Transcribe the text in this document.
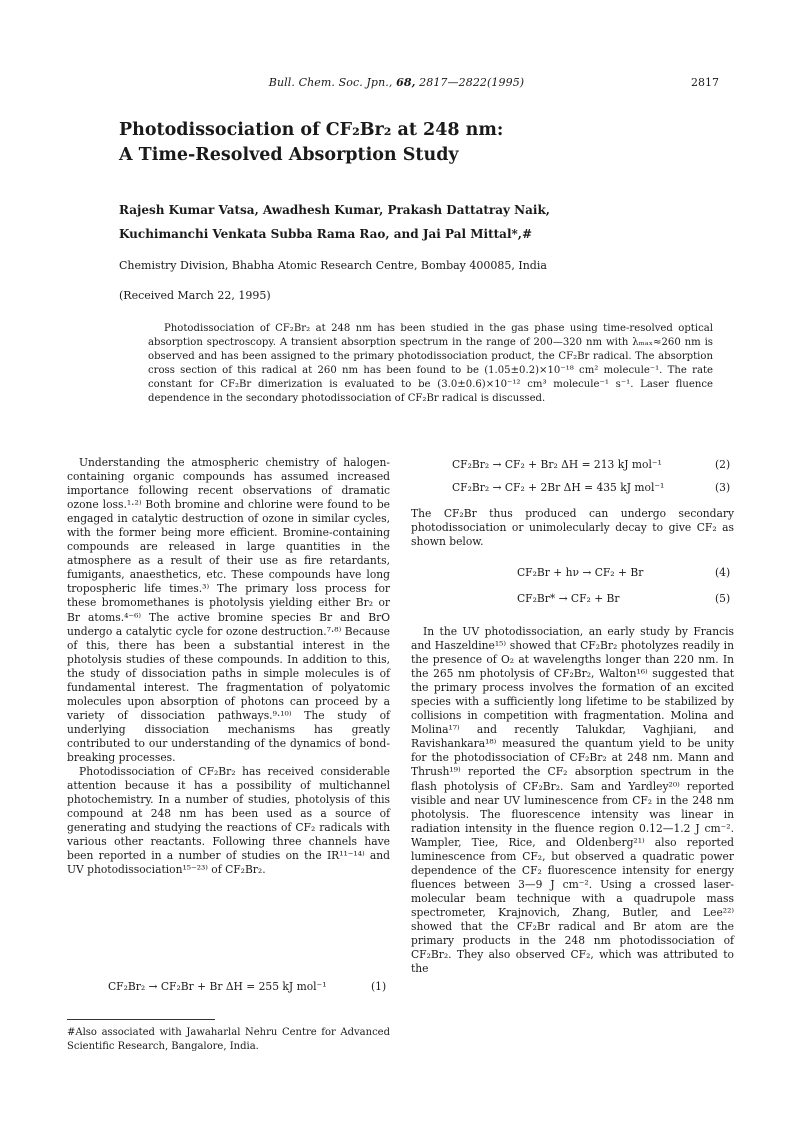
Bull. Chem. Soc. Jpn., 68, 2817—2822(1995)	2817
Photodissociation of CF₂Br₂ at 248 nm:
A Time-Resolved Absorption Study
Rajesh Kumar Vatsa, Awadhesh Kumar, Prakash Dattatray Naik,
Kuchimanchi Venkata Subba Rama Rao, and Jai Pal Mittal*,#
Chemistry Division, Bhabha Atomic Research Centre, Bombay 400085, India
(Received March 22, 1995)
Photodissociation of CF₂Br₂ at 248 nm has been studied in the gas phase using time-resolved optical absorption spectroscopy. A transient absorption spectrum in the range of 200—320 nm with λₘₐₓ≈260 nm is observed and has been assigned to the primary photodissociation product, the CF₂Br radical. The absorption cross section of this radical at 260 nm has been found to be (1.05±0.2)×10⁻¹⁸ cm² molecule⁻¹. The rate constant for CF₂Br dimerization is evaluated to be (3.0±0.6)×10⁻¹² cm³ molecule⁻¹ s⁻¹. Laser fluence dependence in the secondary photodissociation of CF₂Br radical is discussed.

Understanding the atmospheric chemistry of halogen-containing organic compounds has assumed increased importance following recent observations of dramatic ozone loss.¹·²⁾ Both bromine and chlorine were found to be engaged in catalytic destruction of ozone in similar cycles, with the former being more efficient. Bromine-containing compounds are released in large quantities in the atmosphere as a result of their use as fire retardants, fumigants, anaesthetics, etc. These compounds have long tropospheric life times.³⁾ The primary loss process for these bromomethanes is photolysis yielding either Br₂ or Br atoms.⁴⁻⁶⁾ The active bromine species Br and BrO undergo a catalytic cycle for ozone destruction.⁷·⁸⁾ Because of this, there has been a substantial interest in the photolysis studies of these compounds. In addition to this, the study of dissociation paths in simple molecules is of fundamental interest. The fragmentation of polyatomic molecules upon absorption of photons can proceed by a variety of dissociation pathways.⁹·¹⁰⁾ The study of underlying dissociation mechanisms has greatly contributed to our understanding of the dynamics of bond-breaking processes.

Photodissociation of CF₂Br₂ has received considerable attention because it has a possibility of multichannel photochemistry. In a number of studies, photolysis of this compound at 248 nm has been used as a source of generating and studying the reactions of CF₂ radicals with various other reactants. Following three channels have been reported in a number of studies on the IR¹¹⁻¹⁴⁾ and UV photodissociation¹⁵⁻²³⁾ of CF₂Br₂.

CF₂Br₂ → CF₂Br + Br ΔH = 255 kJ mol⁻¹	(1)
#Also associated with Jawaharlal Nehru Centre for Advanced Scientific Research, Bangalore, India.
CF₂Br₂ → CF₂ + Br₂ ΔH = 213 kJ mol⁻¹	(2)
CF₂Br₂ → CF₂ + 2Br ΔH = 435 kJ mol⁻¹	(3)

The CF₂Br thus produced can undergo secondary photodissociation or unimolecularly decay to give CF₂ as shown below.

CF₂Br + hν → CF₂ + Br	(4)
CF₂Br* → CF₂ + Br	(5)

In the UV photodissociation, an early study by Francis and Haszeldine¹⁵⁾ showed that CF₂Br₂ photolyzes readily in the presence of O₂ at wavelengths longer than 220 nm. In the 265 nm photolysis of CF₂Br₂, Walton¹⁶⁾ suggested that the primary process involves the formation of an excited species with a sufficiently long lifetime to be stabilized by collisions in competition with fragmentation. Molina and Molina¹⁷⁾ and recently Talukdar, Vaghjiani, and Ravishankara¹⁸⁾ measured the quantum yield to be unity for the photodissociation of CF₂Br₂ at 248 nm. Mann and Thrush¹⁹⁾ reported the CF₂ absorption spectrum in the flash photolysis of CF₂Br₂. Sam and Yardley²⁰⁾ reported visible and near UV luminescence from CF₂ in the 248 nm photolysis. The fluorescence intensity was linear in radiation intensity in the fluence region 0.12—1.2 J cm⁻². Wampler, Tiee, Rice, and Oldenberg²¹⁾ also reported luminescence from CF₂, but observed a quadratic power dependence of the CF₂ fluorescence intensity for energy fluences between 3—9 J cm⁻². Using a crossed laser-molecular beam technique with a quadrupole mass spectrometer, Krajnovich, Zhang, Butler, and Lee²²⁾ showed that the CF₂Br radical and Br atom are the primary products in the 248 nm photodissociation of CF₂Br₂. They also observed CF₂, which was attributed to the
